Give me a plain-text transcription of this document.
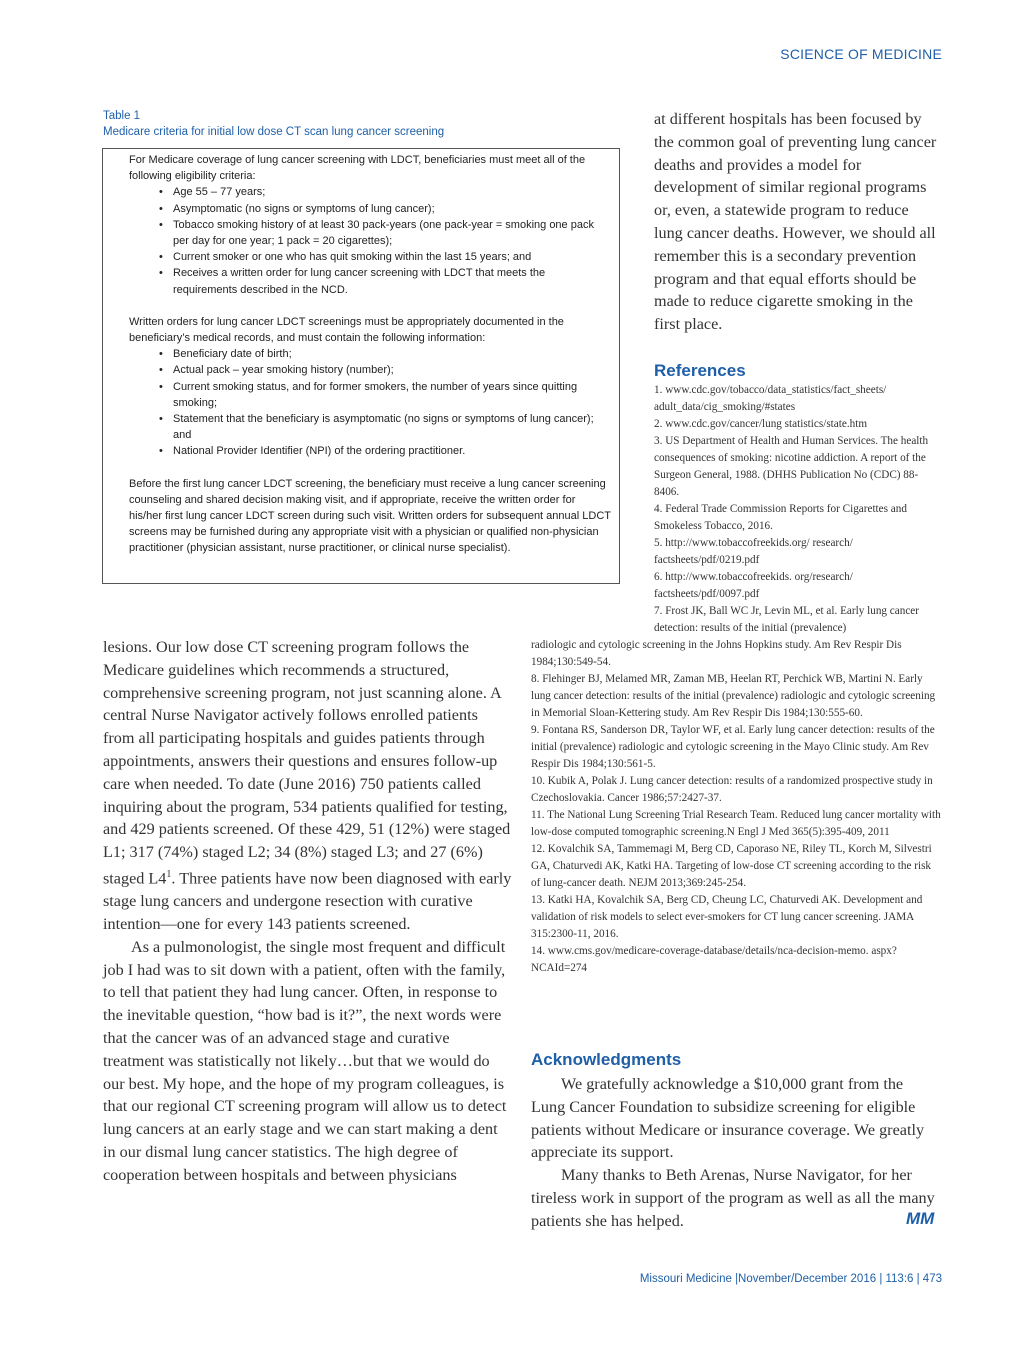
SCIENCE OF MEDICINE
Table 1
Medicare criteria for initial low dose CT scan lung cancer screening

For Medicare coverage of lung cancer screening with LDCT, beneficiaries must meet all of the following eligibility criteria:

• Age 55 – 77 years;
• Asymptomatic (no signs or symptoms of lung cancer);
• Tobacco smoking history of at least 30 pack-years (one pack-year = smoking one pack per day for one year; 1 pack = 20 cigarettes);
• Current smoker or one who has quit smoking within the last 15 years; and
• Receives a written order for lung cancer screening with LDCT that meets the requirements described in the NCD.

Written orders for lung cancer LDCT screenings must be appropriately documented in the beneficiary’s medical records, and must contain the following information:

• Beneficiary date of birth;
• Actual pack – year smoking history (number);
• Current smoking status, and for former smokers, the number of years since quitting smoking;
• Statement that the beneficiary is asymptomatic (no signs or symptoms of lung cancer); and
• National Provider Identifier (NPI) of the ordering practitioner.

Before the first lung cancer LDCT screening, the beneficiary must receive a lung cancer screening counseling and shared decision making visit, and if appropriate, receive the written order for his/her first lung cancer LDCT screen during such visit. Written orders for subsequent annual LDCT screens may be furnished during any appropriate visit with a physician or qualified non-physician practitioner (physician assistant, nurse practitioner, or clinical nurse specialist).

lesions. Our low dose CT screening program follows the Medicare guidelines which recommends a structured, comprehensive screening program, not just scanning alone. A central Nurse Navigator actively follows enrolled patients from all participating hospitals and guides patients through appointments, answers their questions and ensures follow-up care when needed. To date (June 2016) 750 patients called inquiring about the program, 534 patients qualified for testing, and 429 patients screened. Of these 429, 51 (12%) were staged L1; 317 (74%) staged L2; 34 (8%) staged L3; and 27 (6%) staged $L4^1$. Three patients have now been diagnosed with early stage lung cancers and undergone resection with curative intention—one for every 143 patients screened.

As a pulmonologist, the single most frequent and difficult job I had was to sit down with a patient, often with the family, to tell that patient they had lung cancer. Often, in response to the inevitable question, “how bad is it?”, the next words were that the cancer was of an advanced stage and curative treatment was statistically not likely…but that we would do our best. My hope, and the hope of my program colleagues, is that our regional CT screening program will allow us to detect lung cancers at an early stage and we can start making a dent in our dismal lung cancer statistics. The high degree of cooperation between hospitals and between physicians

at different hospitals has been focused by the common goal of preventing lung cancer deaths and provides a model for development of similar regional programs or, even, a statewide program to reduce lung cancer deaths. However, we should all remember this is a secondary prevention program and that equal efforts should be made to reduce cigarette smoking in the first place.

References
1. www.cdc.gov/tobacco/data_statistics/fact_sheets/ adult_data/cig_smoking/#states
2. www.cdc.gov/cancer/lung statistics/state.htm
3. US Department of Health and Human Services. The health consequences of smoking: nicotine addiction. A report of the Surgeon General, 1988. (DHHS Publication No (CDC) 88-8406.
4. Federal Trade Commission Reports for Cigarettes and Smokeless Tobacco, 2016.
5. http://www.tobaccofreekids.org/ research/ factsheets/pdf/0219.pdf
6. http://www.tobaccofreekids. org/research/ factsheets/pdf/0097.pdf
7. Frost JK, Ball WC Jr, Levin ML, et al. Early lung cancer detection: results of the initial (prevalence)
radiologic and cytologic screening in the Johns Hopkins study. Am Rev Respir Dis 1984;130:549-54.
8. Flehinger BJ, Melamed MR, Zaman MB, Heelan RT, Perchick WB, Martini N. Early lung cancer detection: results of the initial (prevalence) radiologic and cytologic screening in Memorial Sloan-Kettering study. Am Rev Respir Dis 1984;130:555-60.
9. Fontana RS, Sanderson DR, Taylor WF, et al. Early lung cancer detection: results of the initial (prevalence) radiologic and cytologic screening in the Mayo Clinic study. Am Rev Respir Dis 1984;130:561-5.
10. Kubik A, Polak J. Lung cancer detection: results of a randomized prospective study in Czechoslovakia. Cancer 1986;57:2427-37.
11. The National Lung Screening Trial Research Team. Reduced lung cancer mortality with low-dose computed tomographic screening.N Engl J Med 365(5):395-409, 2011
12. Kovalchik SA, Tammemagi M, Berg CD, Caporaso NE, Riley TL, Korch M, Silvestri GA, Chaturvedi AK, Katki HA. Targeting of low-dose CT screening according to the risk of lung-cancer death. NEJM 2013;369:245-254.
13. Katki HA, Kovalchik SA, Berg CD, Cheung LC, Chaturvedi AK. Development and validation of risk models to select ever-smokers for CT lung cancer screening. JAMA 315:2300-11, 2016.
14. www.cms.gov/medicare-coverage-database/details/nca-decision-memo. aspx?NCAId=274
Acknowledgments

We gratefully acknowledge a $10,000 grant from the Lung Cancer Foundation to subsidize screening for eligible patients without Medicare or insurance coverage. We greatly appreciate its support.

Many thanks to Beth Arenas, Nurse Navigator, for her tireless work in support of the program as well as all the many patients she has helped.	MM
Missouri Medicine |November/December 2016 | 113:6 | 473
